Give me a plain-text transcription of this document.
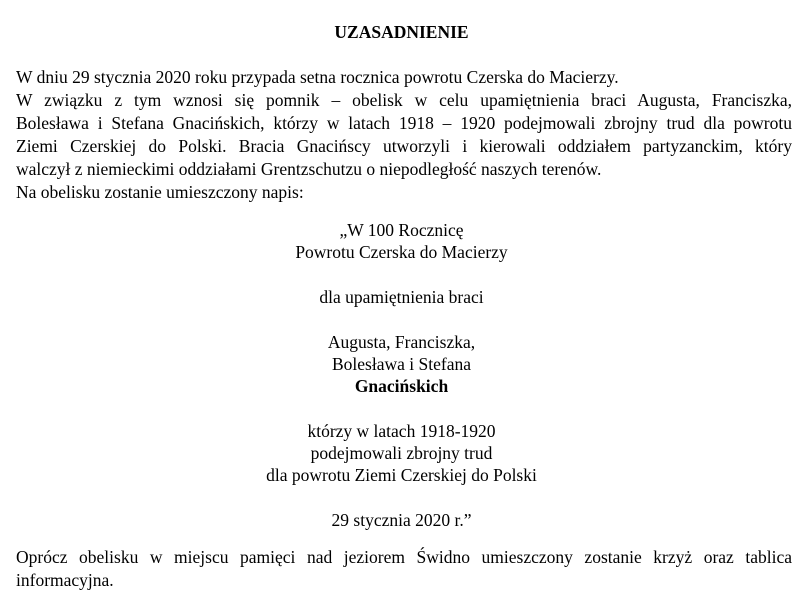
UZASADNIENIE
W dniu 29 stycznia 2020 roku przypada setna rocznica powrotu Czerska do Macierzy.
W związku z tym wznosi się pomnik – obelisk w celu upamiętnienia braci Augusta, Franciszka,
Bolesława i Stefana Gnacińskich, którzy w latach 1918 – 1920 podejmowali zbrojny trud dla powrotu
Ziemi Czerskiej do Polski. Bracia Gnacińscy utworzyli i kierowali oddziałem partyzanckim, który
walczył z niemieckimi oddziałami Grentzschutzu o niepodległość naszych terenów.
Na obelisku zostanie umieszczony napis:
„W 100 Rocznicę
Powrotu Czerska do Macierzy
dla upamiętnienia braci
Augusta, Franciszka,
Bolesława i Stefana
Gnacińskich
którzy w latach 1918-1920
podejmowali zbrojny trud
dla powrotu Ziemi Czerskiej do Polski
29 stycznia 2020 r.”
Oprócz obelisku w miejscu pamięci nad jeziorem Świdno umieszczony zostanie krzyż oraz tablica
informacyjna.
